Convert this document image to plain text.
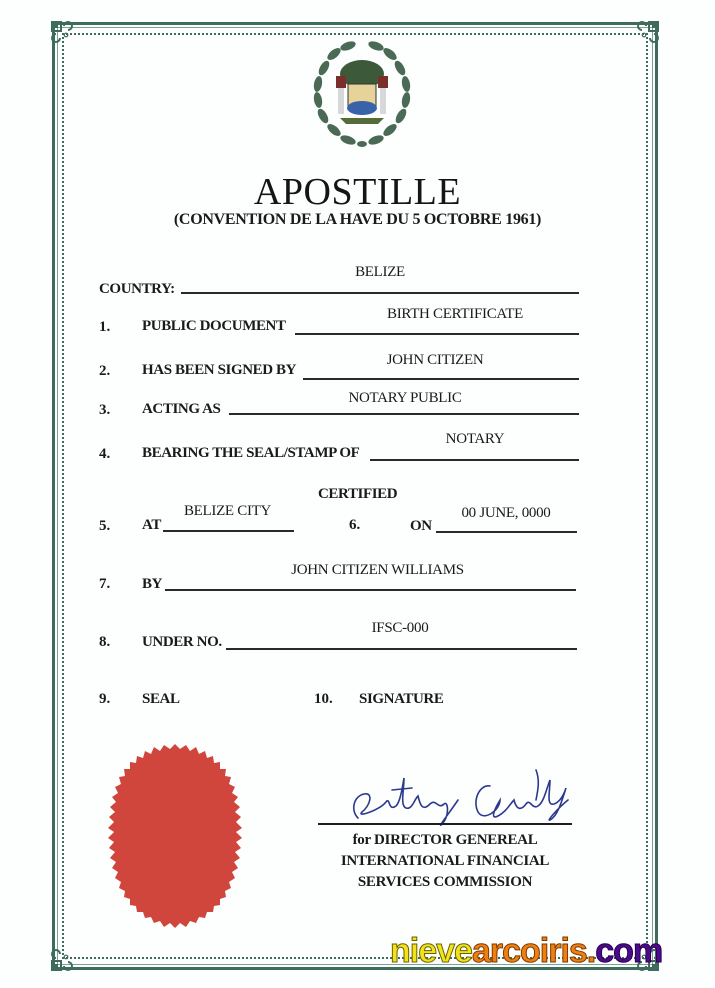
APOSTILLE
(CONVENTION DE LA HAVE DU 5 OCTOBRE 1961)
BELIZE
COUNTRY:
1. PUBLIC DOCUMENT
BIRTH CERTIFICATE
2. HAS BEEN SIGNED BY
JOHN CITIZEN
3. ACTING AS
NOTARY PUBLIC
4. BEARING THE SEAL/STAMP OF
NOTARY
CERTIFIED
5. AT
BELIZE CITY
6.	ON
00 JUNE, 0000
7. BY
JOHN CITIZEN WILLIAMS
8. UNDER NO.
IFSC-000
9. SEAL	10. SIGNATURE
for DIRECTOR GENEREAL
INTERNATIONAL FINANCIAL
SERVICES COMMISSION
nievearcoiris.com
